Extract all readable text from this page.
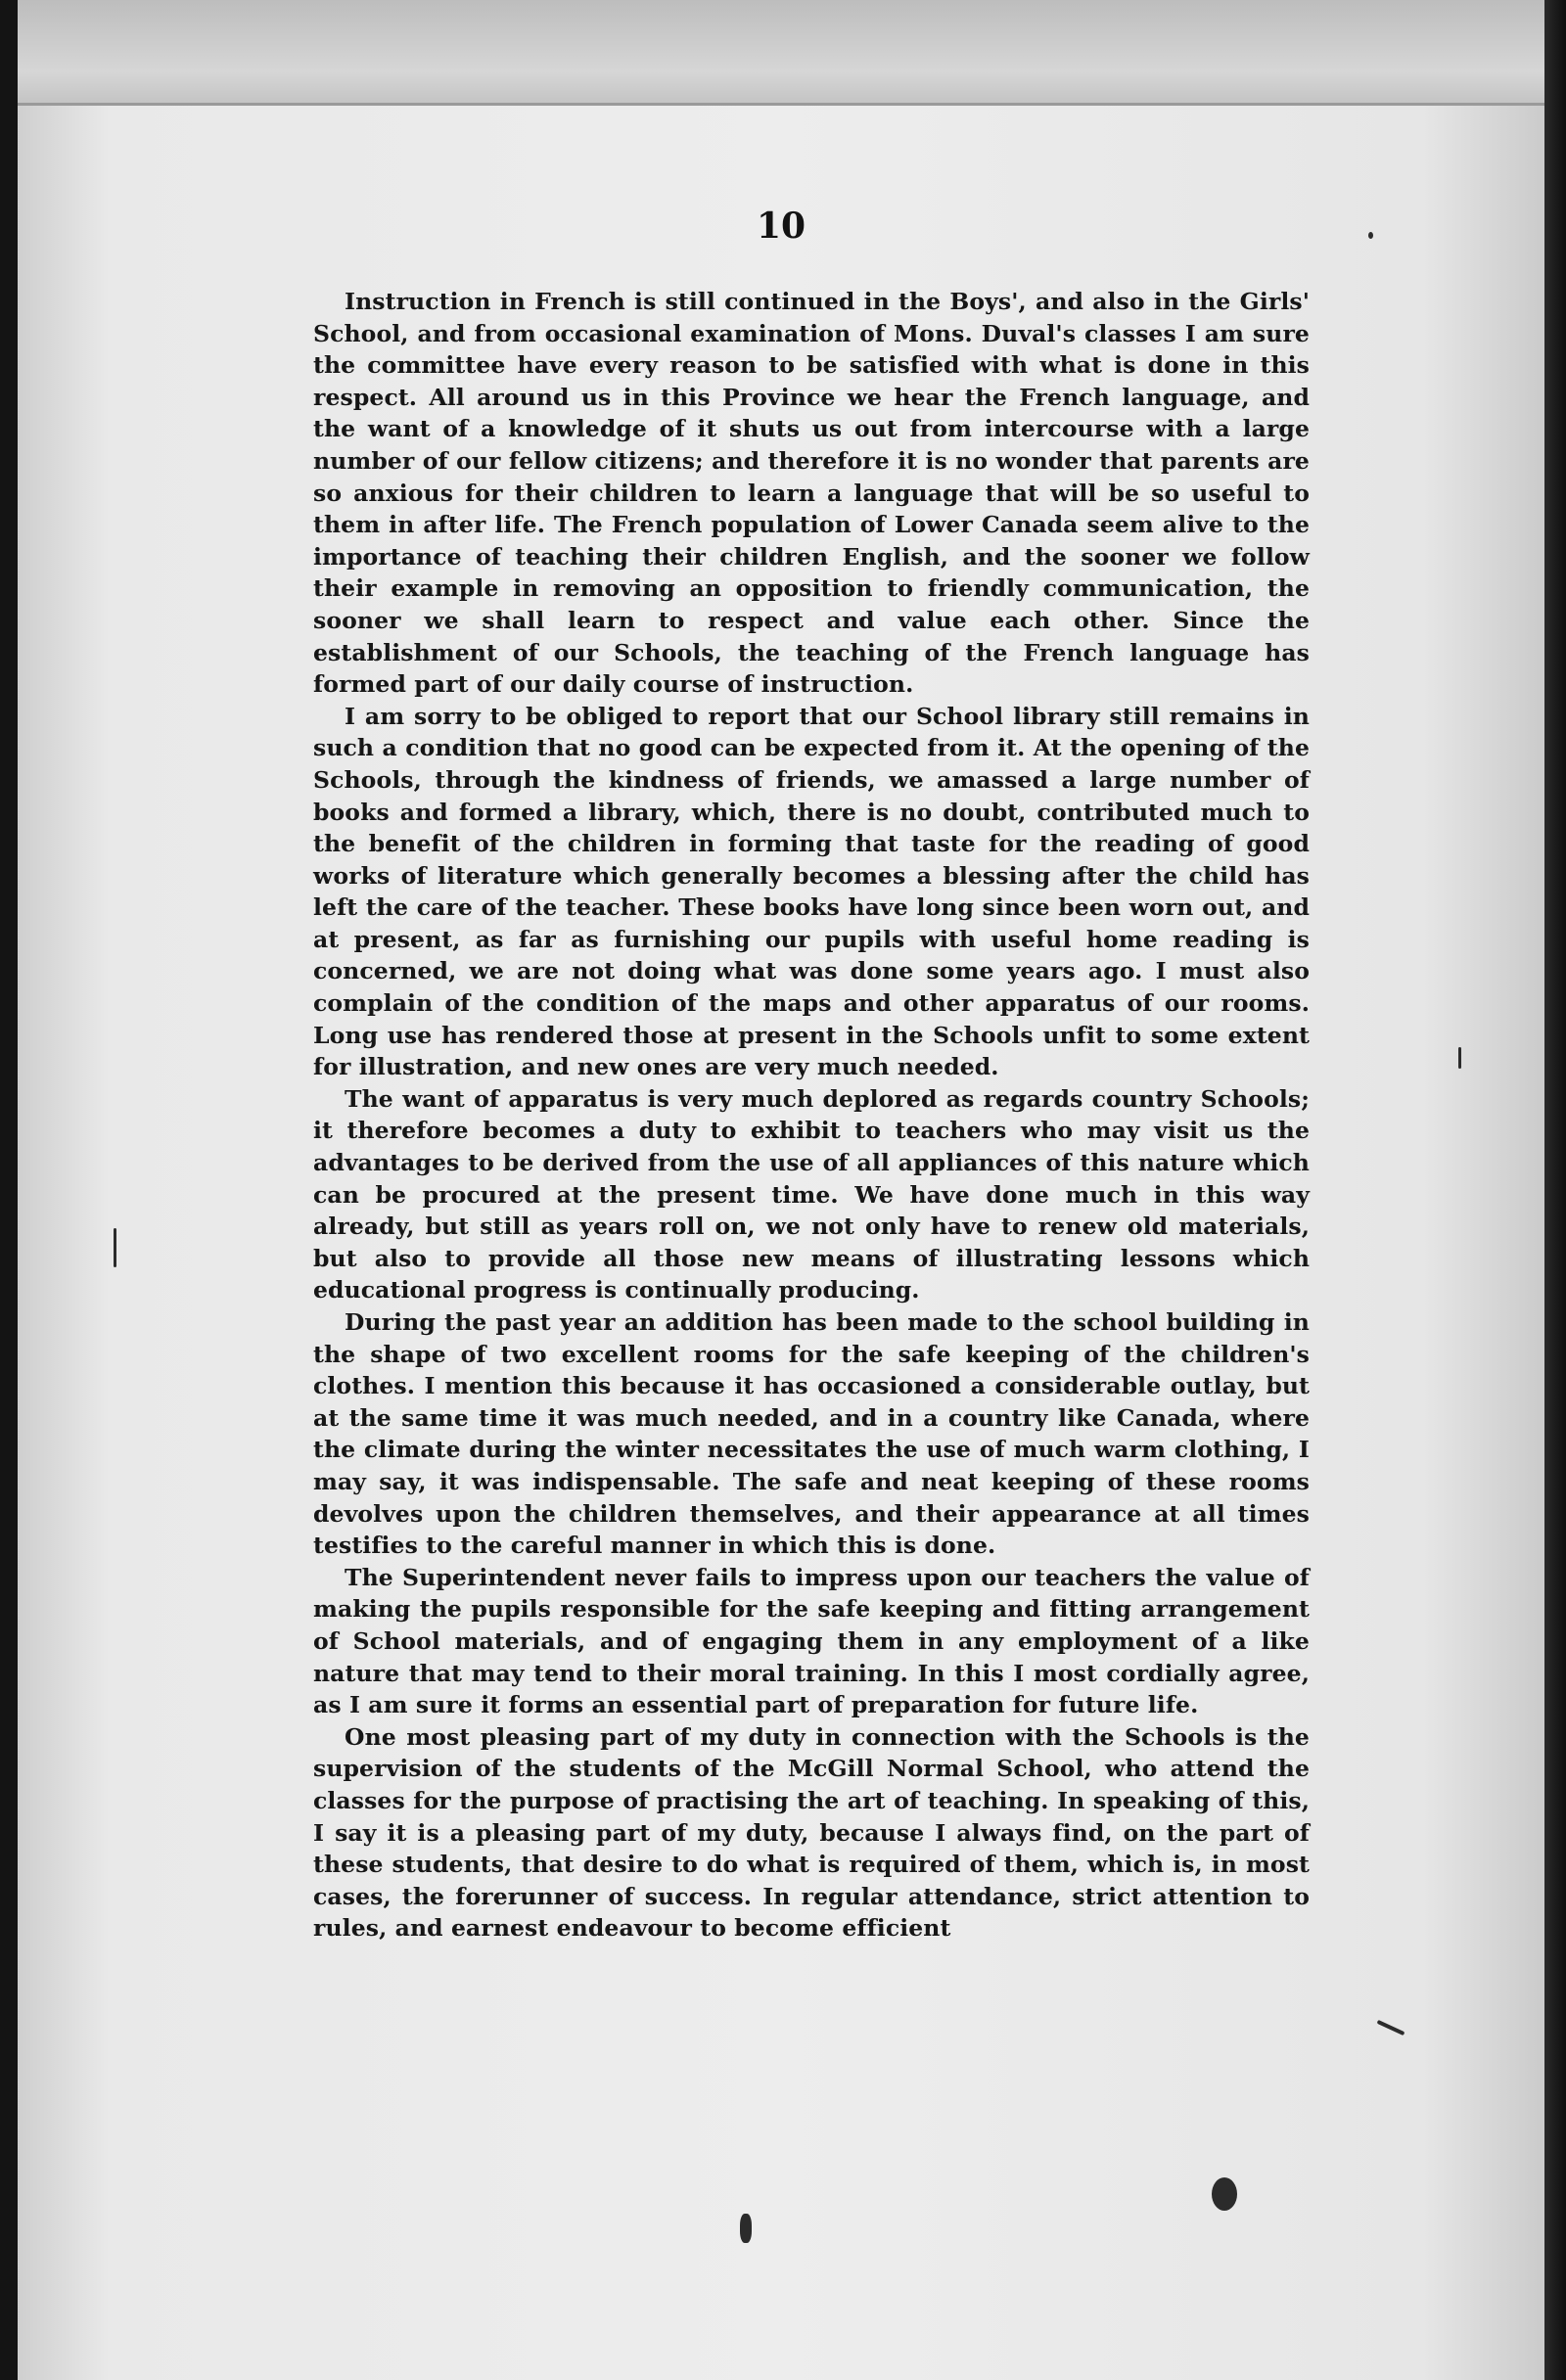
10

Instruction in French is still continued in the Boys', and also in the Girls' School, and from occasional examination of Mons. Duval's classes I am sure the committee have every reason to be satisfied with what is done in this respect. All around us in this Province we hear the French language, and the want of a knowledge of it shuts us out from intercourse with a large number of our fellow citizens; and therefore it is no wonder that parents are so anxious for their children to learn a language that will be so useful to them in after life. The French population of Lower Canada seem alive to the importance of teaching their children English, and the sooner we follow their example in removing an opposition to friendly communication, the sooner we shall learn to respect and value each other. Since the establishment of our Schools, the teaching of the French language has formed part of our daily course of instruction.

I am sorry to be obliged to report that our School library still remains in such a condition that no good can be expected from it. At the opening of the Schools, through the kindness of friends, we amassed a large number of books and formed a library, which, there is no doubt, contributed much to the benefit of the children in forming that taste for the reading of good works of literature which generally becomes a blessing after the child has left the care of the teacher. These books have long since been worn out, and at present, as far as furnishing our pupils with useful home reading is concerned, we are not doing what was done some years ago. I must also complain of the condition of the maps and other apparatus of our rooms. Long use has rendered those at present in the Schools unfit to some extent for illustration, and new ones are very much needed.

The want of apparatus is very much deplored as regards country Schools; it therefore becomes a duty to exhibit to teachers who may visit us the advantages to be derived from the use of all appliances of this nature which can be procured at the present time. We have done much in this way already, but still as years roll on, we not only have to renew old materials, but also to provide all those new means of illustrating lessons which educational progress is continually producing.

During the past year an addition has been made to the school building in the shape of two excellent rooms for the safe keeping of the children's clothes. I mention this because it has occasioned a considerable outlay, but at the same time it was much needed, and in a country like Canada, where the climate during the winter necessitates the use of much warm clothing, I may say, it was indispensable. The safe and neat keeping of these rooms devolves upon the children themselves, and their appearance at all times testifies to the careful manner in which this is done.

The Superintendent never fails to impress upon our teachers the value of making the pupils responsible for the safe keeping and fitting arrangement of School materials, and of engaging them in any employment of a like nature that may tend to their moral training. In this I most cordially agree, as I am sure it forms an essential part of preparation for future life.

One most pleasing part of my duty in connection with the Schools is the supervision of the students of the McGill Normal School, who attend the classes for the purpose of practising the art of teaching. In speaking of this, I say it is a pleasing part of my duty, because I always find, on the part of these students, that desire to do what is required of them, which is, in most cases, the forerunner of success. In regular attendance, strict attention to rules, and earnest endeavour to become efficient
